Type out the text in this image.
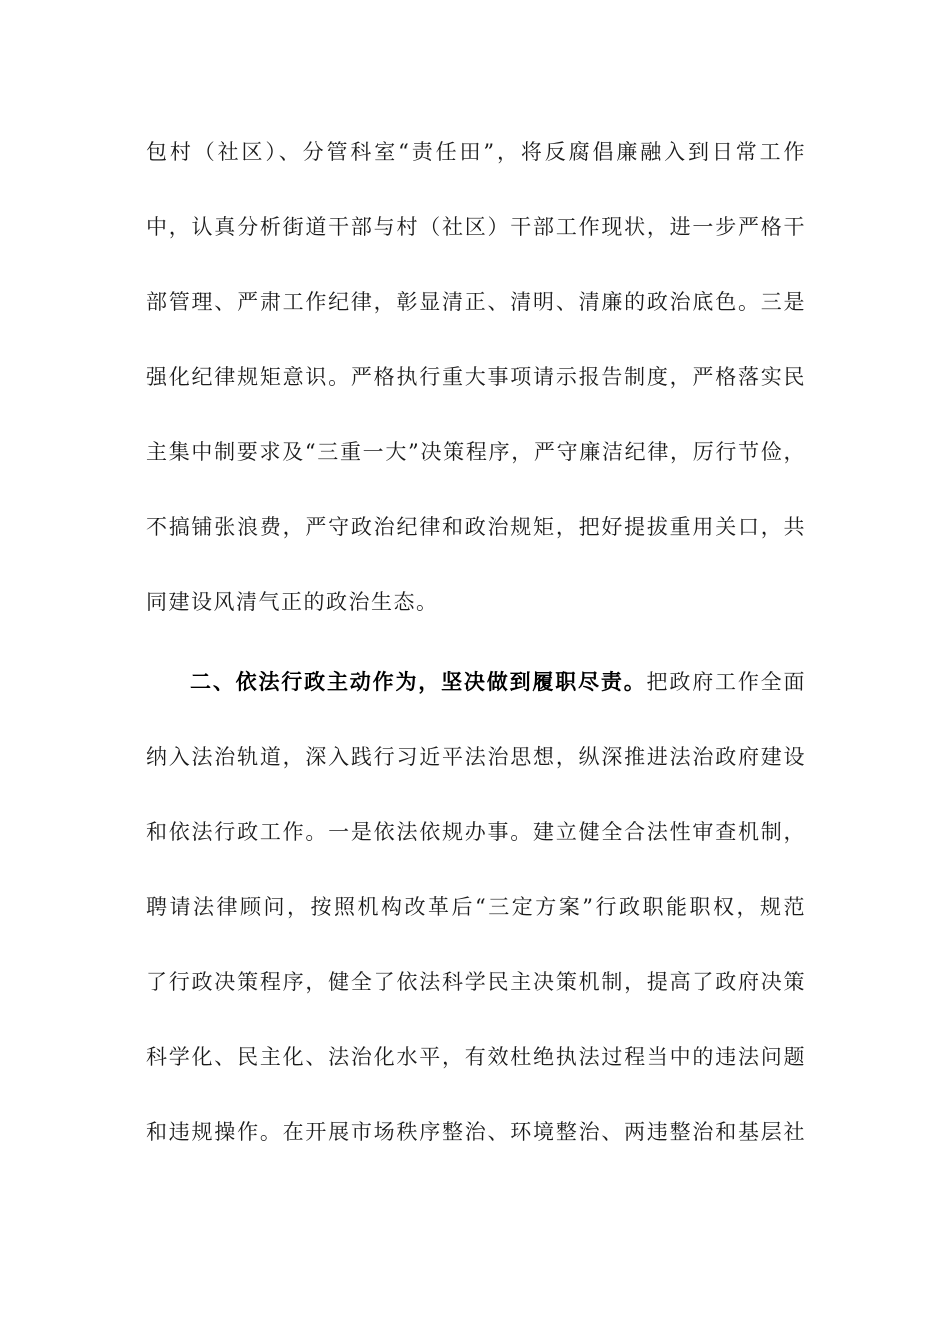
包村（社区）、分管科室“责任田”，将反腐倡廉融入到日常工作
中，认真分析街道干部与村（社区）干部工作现状，进一步严格干
部管理、严肃工作纪律，彰显清正、清明、清廉的政治底色。三是
强化纪律规矩意识。严格执行重大事项请示报告制度，严格落实民
主集中制要求及“三重一大”决策程序，严守廉洁纪律，厉行节俭，
不搞铺张浪费，严守政治纪律和政治规矩，把好提拔重用关口，共
同建设风清气正的政治生态。
二、依法行政主动作为，坚决做到履职尽责。把政府工作全面
纳入法治轨道，深入践行习近平法治思想，纵深推进法治政府建设
和依法行政工作。一是依法依规办事。建立健全合法性审查机制，
聘请法律顾问，按照机构改革后“三定方案”行政职能职权，规范
了行政决策程序，健全了依法科学民主决策机制，提高了政府决策
科学化、民主化、法治化水平，有效杜绝执法过程当中的违法问题
和违规操作。在开展市场秩序整治、环境整治、两违整治和基层社
